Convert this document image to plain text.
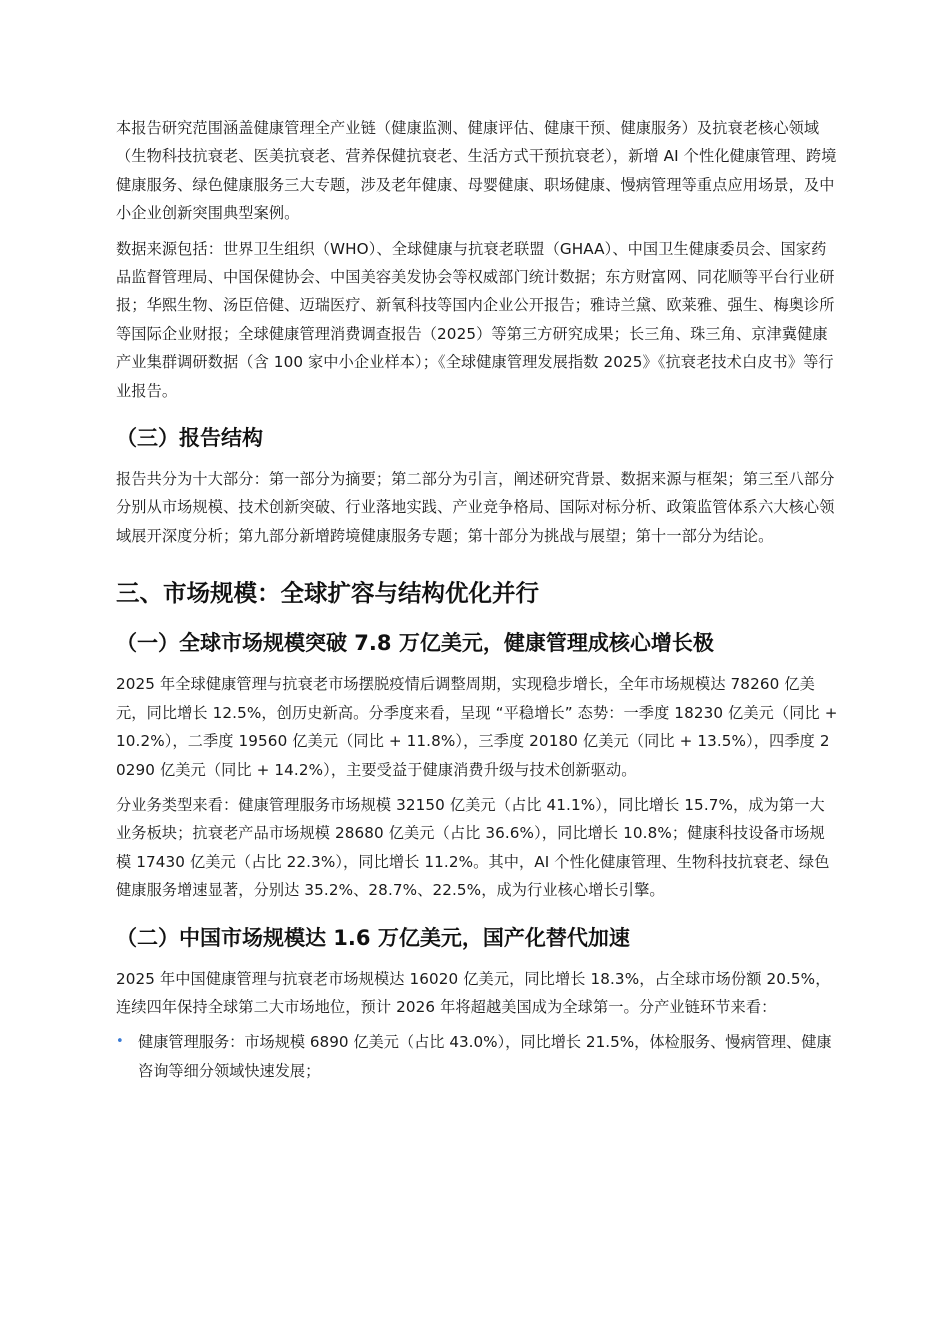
本报告研究范围涵盖健康管理全产业链（健康监测、健康评估、健康干预、健康服务）及抗衰老核心领域（生物科技抗衰老、医美抗衰老、营养保健抗衰老、生活方式干预抗衰老），新增 AI 个性化健康管理、跨境健康服务、绿色健康服务三大专题，涉及老年健康、母婴健康、职场健康、慢病管理等重点应用场景，及中小企业创新突围典型案例。

数据来源包括：世界卫生组织（WHO）、全球健康与抗衰老联盟（GHAA）、中国卫生健康委员会、国家药品监督管理局、中国保健协会、中国美容美发协会等权威部门统计数据；东方财富网、同花顺等平台行业研报；华熙生物、汤臣倍健、迈瑞医疗、新氧科技等国内企业公开报告；雅诗兰黛、欧莱雅、强生、梅奥诊所等国际企业财报；全球健康管理消费调查报告（2025）等第三方研究成果；长三角、珠三角、京津冀健康产业集群调研数据（含 100 家中小企业样本）；《全球健康管理发展指数 2025》《抗衰老技术白皮书》等行业报告。

（三）报告结构

报告共分为十大部分：第一部分为摘要；第二部分为引言，阐述研究背景、数据来源与框架；第三至八部分分别从市场规模、技术创新突破、行业落地实践、产业竞争格局、国际对标分析、政策监管体系六大核心领域展开深度分析；第九部分新增跨境健康服务专题；第十部分为挑战与展望；第十一部分为结论。

三、市场规模：全球扩容与结构优化并行
（一）全球市场规模突破 7.8 万亿美元，健康管理成核心增长极

2025 年全球健康管理与抗衰老市场摆脱疫情后调整周期，实现稳步增长，全年市场规模达 78260 亿美元，同比增长 12.5%，创历史新高。分季度来看，呈现 “平稳增长” 态势：一季度 18230 亿美元（同比 + 10.2%），二季度 19560 亿美元（同比 + 11.8%），三季度 20180 亿美元（同比 + 13.5%），四季度 20290 亿美元（同比 + 14.2%），主要受益于健康消费升级与技术创新驱动。

分业务类型来看：健康管理服务市场规模 32150 亿美元（占比 41.1%），同比增长 15.7%，成为第一大业务板块；抗衰老产品市场规模 28680 亿美元（占比 36.6%），同比增长 10.8%；健康科技设备市场规模 17430 亿美元（占比 22.3%），同比增长 11.2%。其中，AI 个性化健康管理、生物科技抗衰老、绿色健康服务增速显著，分别达 35.2%、28.7%、22.5%，成为行业核心增长引擎。

（二）中国市场规模达 1.6 万亿美元，国产化替代加速

2025 年中国健康管理与抗衰老市场规模达 16020 亿美元，同比增长 18.3%，占全球市场份额 20.5%，连续四年保持全球第二大市场地位，预计 2026 年将超越美国成为全球第一。分产业链环节来看：

• 健康管理服务：市场规模 6890 亿美元（占比 43.0%），同比增长 21.5%，体检服务、慢病管理、健康咨询等细分领域快速发展；
